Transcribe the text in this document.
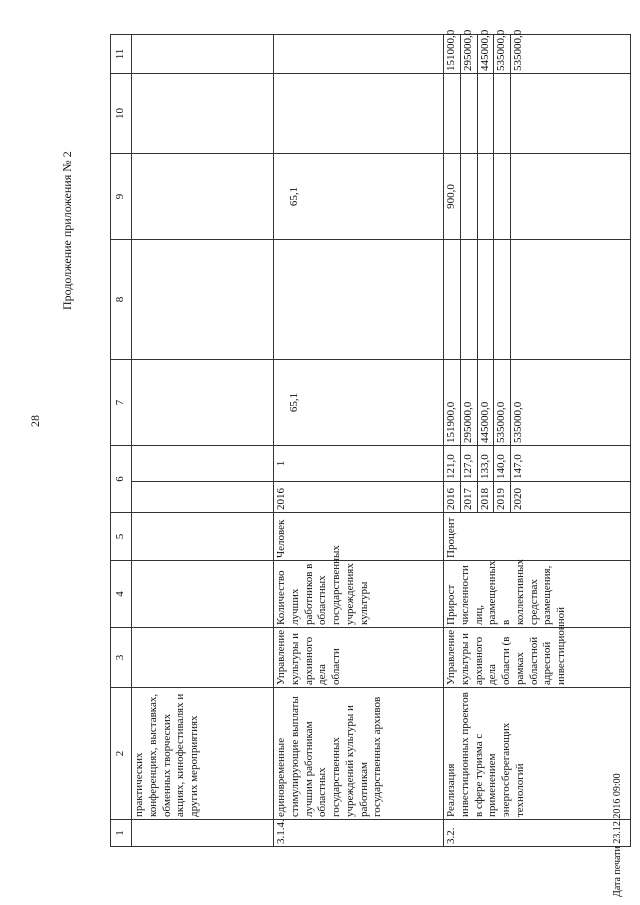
28
Продолжение приложения № 2
1	2	3	4	5	6		7	8	9	10	11
	практических конференциях, выставках, обменных творческих акциях, кинофестивалях и других мероприятиях										
3.1.4.	единовременные стимулирующие выплаты лучшим работникам областных государственных учреждений культуры и работникам государственных архивов	Управление культуры и архивного дела области	Количество лучших работников в областных государственных учреждениях культуры	Человек	2016	1	65,1		65,1		
3.2.	Реализация инвестиционных проектов в сфере туризма с применением энергосберегающих технологий	Управление культуры и архивного дела области (в рамках областной адресной инвестиционной	Прирост численности лиц, размещенных в коллективных средствах размещения,	Процент	2016	121,0	151900,0		900,0		151000,0
					2017	127,0	295000,0				295000,0
					2018	133,0	445000,0				445000,0
					2019	140,0	535000,0				535000,0
					2020	147,0	535000,0				535000,0
Дата печати 23.12.2016 09:00
